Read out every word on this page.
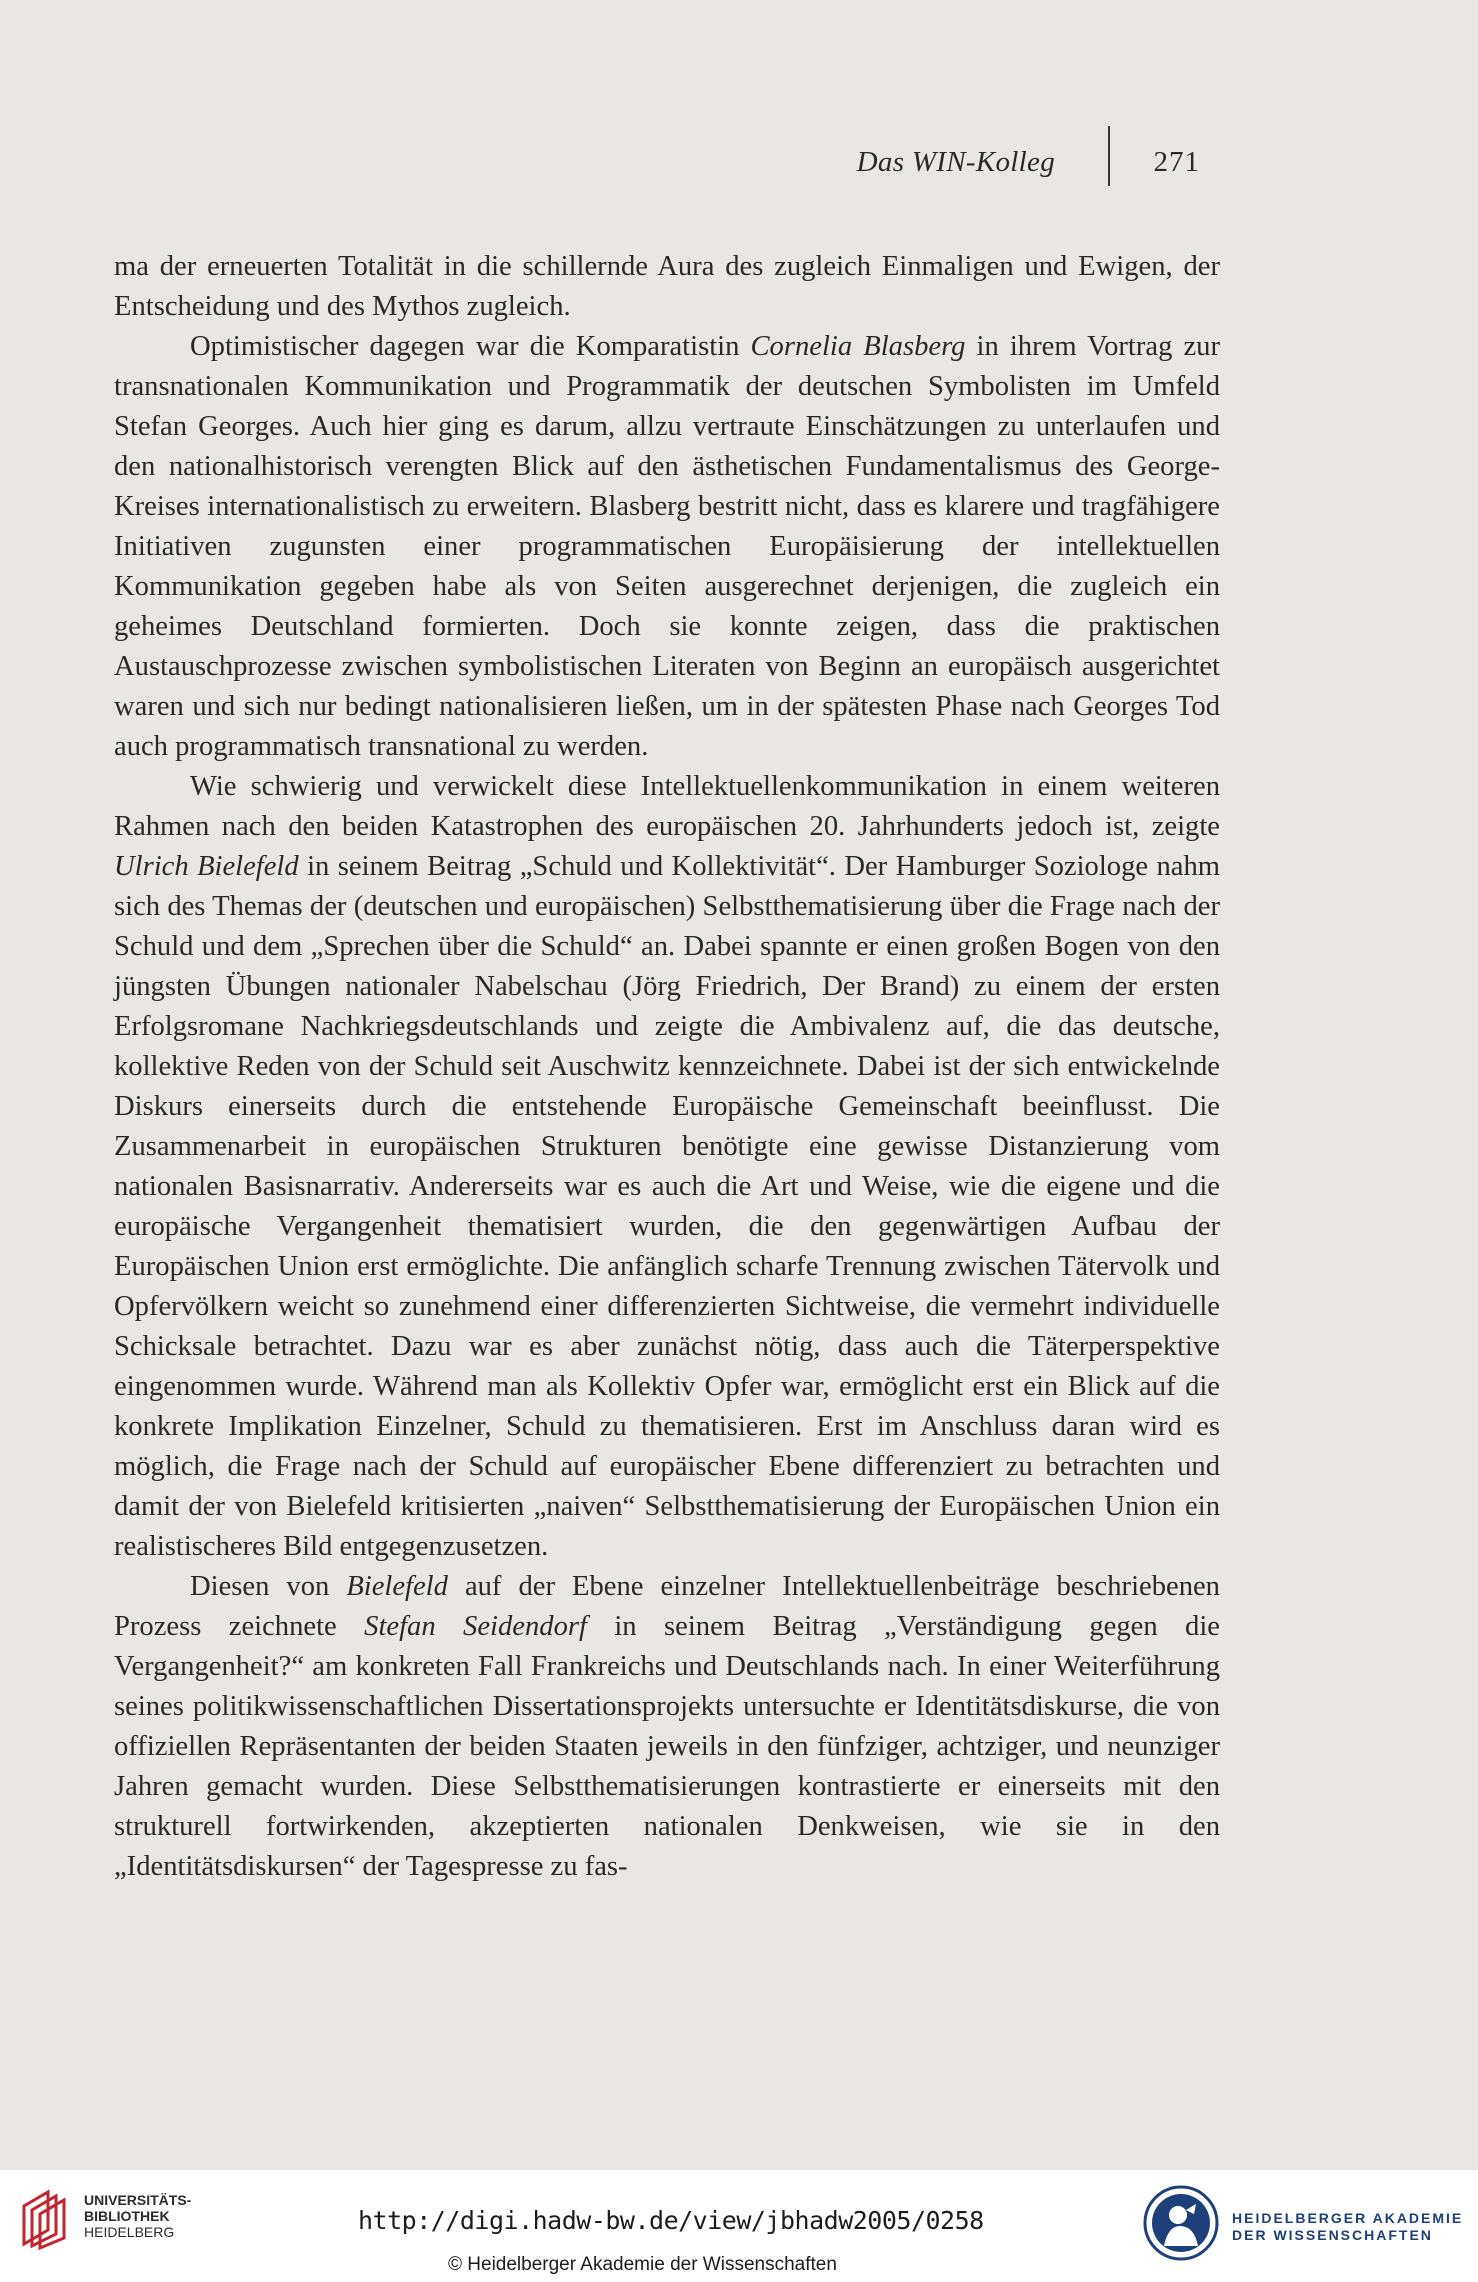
Das WIN-Kolleg	271

ma der erneuerten Totalität in die schillernde Aura des zugleich Einmaligen und Ewigen, der Entscheidung und des Mythos zugleich.

Optimistischer dagegen war die Komparatistin Cornelia Blasberg in ihrem Vortrag zur transnationalen Kommunikation und Programmatik der deutschen Symbolisten im Umfeld Stefan Georges. Auch hier ging es darum, allzu vertraute Einschätzungen zu unterlaufen und den nationalhistorisch verengten Blick auf den ästhetischen Fundamentalismus des George-Kreises internationalistisch zu erweitern. Blasberg bestritt nicht, dass es klarere und tragfähigere Initiativen zugunsten einer programmatischen Europäisierung der intellektuellen Kommunikation gegeben habe als von Seiten ausgerechnet derjenigen, die zugleich ein geheimes Deutschland formierten. Doch sie konnte zeigen, dass die praktischen Austauschprozesse zwischen symbolistischen Literaten von Beginn an europäisch ausgerichtet waren und sich nur bedingt nationalisieren ließen, um in der spätesten Phase nach Georges Tod auch programmatisch transnational zu werden.

Wie schwierig und verwickelt diese Intellektuellenkommunikation in einem weiteren Rahmen nach den beiden Katastrophen des europäischen 20. Jahrhunderts jedoch ist, zeigte Ulrich Bielefeld in seinem Beitrag „Schuld und Kollektivität“. Der Hamburger Soziologe nahm sich des Themas der (deutschen und europäischen) Selbstthematisierung über die Frage nach der Schuld und dem „Sprechen über die Schuld“ an. Dabei spannte er einen großen Bogen von den jüngsten Übungen nationaler Nabelschau (Jörg Friedrich, Der Brand) zu einem der ersten Erfolgsromane Nachkriegsdeutschlands und zeigte die Ambivalenz auf, die das deutsche, kollektive Reden von der Schuld seit Auschwitz kennzeichnete. Dabei ist der sich entwickelnde Diskurs einerseits durch die entstehende Europäische Gemeinschaft beeinflusst. Die Zusammenarbeit in europäischen Strukturen benötigte eine gewisse Distanzierung vom nationalen Basisnarrativ. Andererseits war es auch die Art und Weise, wie die eigene und die europäische Vergangenheit thematisiert wurden, die den gegenwärtigen Aufbau der Europäischen Union erst ermöglichte. Die anfänglich scharfe Trennung zwischen Tätervolk und Opfervölkern weicht so zunehmend einer differenzierten Sichtweise, die vermehrt individuelle Schicksale betrachtet. Dazu war es aber zunächst nötig, dass auch die Täterperspektive eingenommen wurde. Während man als Kollektiv Opfer war, ermöglicht erst ein Blick auf die konkrete Implikation Einzelner, Schuld zu thematisieren. Erst im Anschluss daran wird es möglich, die Frage nach der Schuld auf europäischer Ebene differenziert zu betrachten und damit der von Bielefeld kritisierten „naiven“ Selbstthematisierung der Europäischen Union ein realistischeres Bild entgegenzusetzen.

Diesen von Bielefeld auf der Ebene einzelner Intellektuellenbeiträge beschriebenen Prozess zeichnete Stefan Seidendorf in seinem Beitrag „Verständigung gegen die Vergangenheit?“ am konkreten Fall Frankreichs und Deutschlands nach. In einer Weiterführung seines politikwissenschaftlichen Dissertationsprojekts untersuchte er Identitätsdiskurse, die von offiziellen Repräsentanten der beiden Staaten jeweils in den fünfziger, achtziger, und neunziger Jahren gemacht wurden. Diese Selbstthematisierungen kontrastierte er einerseits mit den strukturell fortwirkenden, akzeptierten nationalen Denkweisen, wie sie in den „Identitätsdiskursen“ der Tagespresse zu fas-

UNIVERSITÄTS-
BIBLIOTHEK
HEIDELBERG	http://digi.hadw-bw.de/view/jbhadw2005/0258
© Heidelberger Akademie der Wissenschaften
HEIDELBERGER AKADEMIE
DER WISSENSCHAFTEN
